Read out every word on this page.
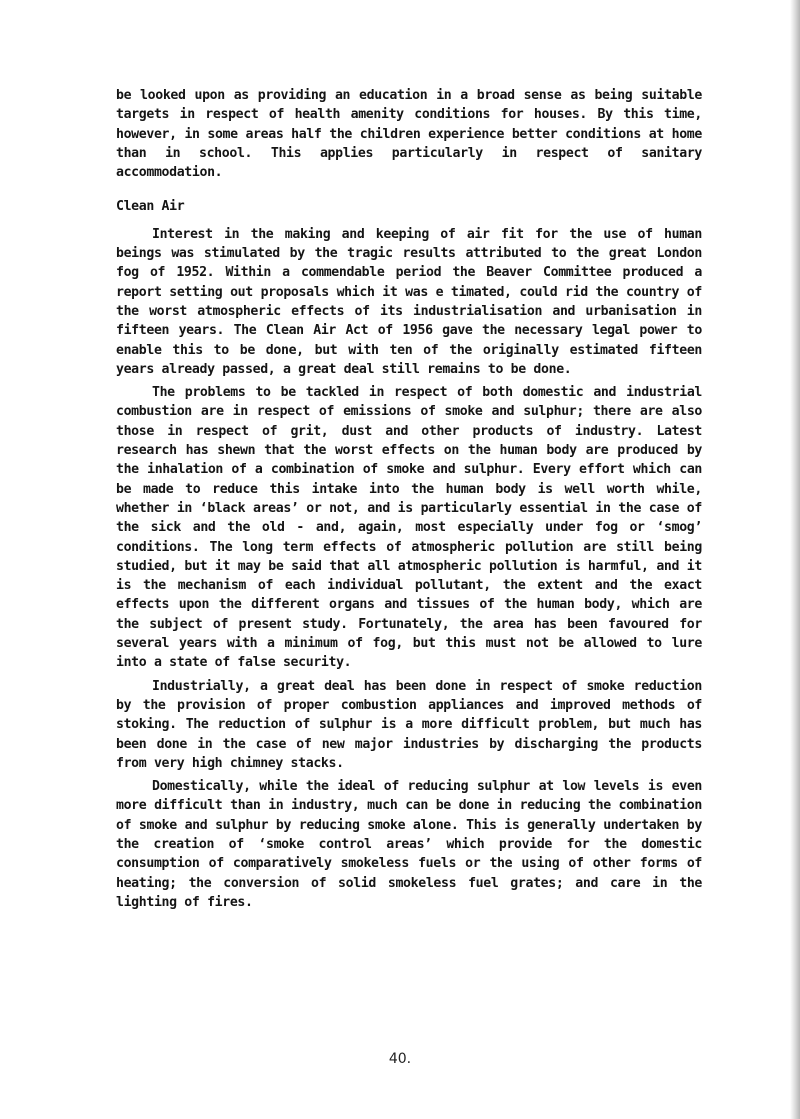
be looked upon as providing an education in a broad sense as being suitable targets in respect of health amenity conditions for houses. By this time, however, in some areas half the children experience better conditions at home than in school. This applies particularly in respect of sanitary accommodation.

Clean Air

Interest in the making and keeping of air fit for the use of human beings was stimulated by the tragic results attributed to the great London fog of 1952. Within a commendable period the Beaver Committee produced a report setting out proposals which it was e timated, could rid the country of the worst atmospheric effects of its industrialisation and urbanisation in fifteen years. The Clean Air Act of 1956 gave the necessary legal power to enable this to be done, but with ten of the originally estimated fifteen years already passed, a great deal still remains to be done.

The problems to be tackled in respect of both domestic and industrial combustion are in respect of emissions of smoke and sulphur; there are also those in respect of grit, dust and other products of industry. Latest research has shewn that the worst effects on the human body are produced by the inhalation of a combination of smoke and sulphur. Every effort which can be made to reduce this intake into the human body is well worth while, whether in ‘black areas’ or not, and is particularly essential in the case of the sick and the old - and, again, most especially under fog or ‘smog’ conditions. The long term effects of atmospheric pollution are still being studied, but it may be said that all atmospheric pollution is harmful, and it is the mechanism of each individual pollutant, the extent and the exact effects upon the different organs and tissues of the human body, which are the subject of present study. Fortunately, the area has been favoured for several years with a minimum of fog, but this must not be allowed to lure into a state of false security.

Industrially, a great deal has been done in respect of smoke reduction by the provision of proper combustion appliances and improved methods of stoking. The reduction of sulphur is a more difficult problem, but much has been done in the case of new major industries by discharging the products from very high chimney stacks.

Domestically, while the ideal of reducing sulphur at low levels is even more difficult than in industry, much can be done in reducing the combination of smoke and sulphur by reducing smoke alone. This is generally undertaken by the creation of ‘smoke control areas’ which provide for the domestic consumption of comparatively smokeless fuels or the using of other forms of heating; the conversion of solid smokeless fuel grates; and care in the lighting of fires.

40.
